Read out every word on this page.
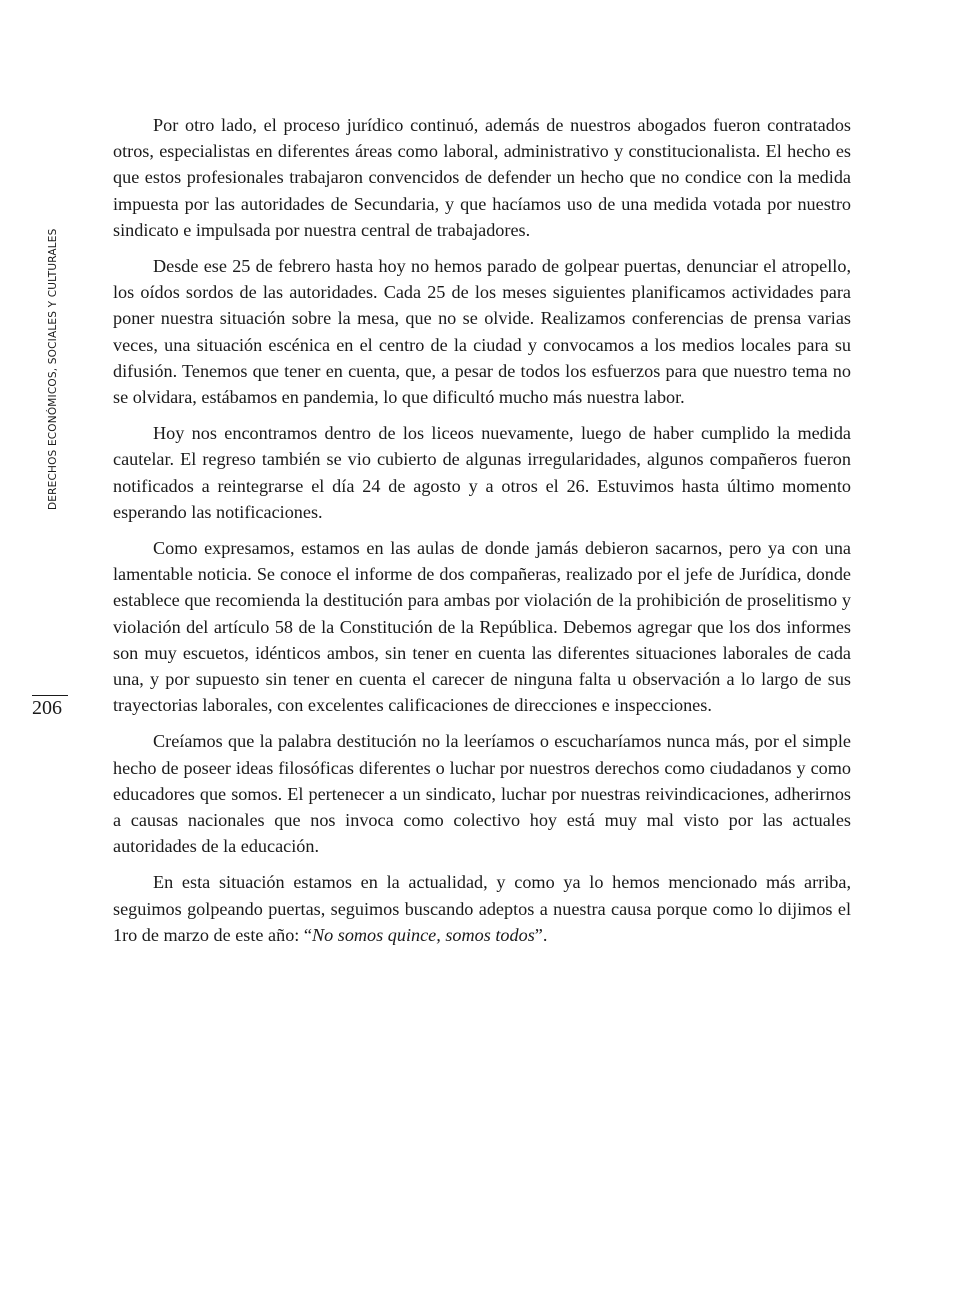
DERECHOS ECONÓMICOS, SOCIALES Y CULTURALES
206

Por otro lado, el proceso jurídico continuó, además de nuestros abogados fueron contratados otros, especialistas en diferentes áreas como laboral, administrativo y constitucionalista. El hecho es que estos profesionales trabajaron convencidos de defender un hecho que no condice con la medida impuesta por las autoridades de Secundaria, y que hacíamos uso de una medida votada por nuestro sindicato e impulsada por nuestra central de trabajadores.

Desde ese 25 de febrero hasta hoy no hemos parado de golpear puertas, denunciar el atropello, los oídos sordos de las autoridades. Cada 25 de los meses siguientes planificamos actividades para poner nuestra situación sobre la mesa, que no se olvide. Realizamos conferencias de prensa varias veces, una situación escénica en el centro de la ciudad y convocamos a los medios locales para su difusión. Tenemos que tener en cuenta, que, a pesar de todos los esfuerzos para que nuestro tema no se olvidara, estábamos en pandemia, lo que dificultó mucho más nuestra labor.

Hoy nos encontramos dentro de los liceos nuevamente, luego de haber cumplido la medida cautelar. El regreso también se vio cubierto de algunas irregularidades, algunos compañeros fueron notificados a reintegrarse el día 24 de agosto y a otros el 26. Estuvimos hasta último momento esperando las notificaciones.

Como expresamos, estamos en las aulas de donde jamás debieron sacarnos, pero ya con una lamentable noticia. Se conoce el informe de dos compañeras, realizado por el jefe de Jurídica, donde establece que recomienda la destitución para ambas por violación de la prohibición de proselitismo y violación del artículo 58 de la Constitución de la República. Debemos agregar que los dos informes son muy escuetos, idénticos ambos, sin tener en cuenta las diferentes situaciones laborales de cada una, y por supuesto sin tener en cuenta el carecer de ninguna falta u observación a lo largo de sus trayectorias laborales, con excelentes calificaciones de direcciones e inspecciones.

Creíamos que la palabra destitución no la leeríamos o escucharíamos nunca más, por el simple hecho de poseer ideas filosóficas diferentes o luchar por nuestros derechos como ciudadanos y como educadores que somos. El pertenecer a un sindicato, luchar por nuestras reivindicaciones, adherirnos a causas nacionales que nos invoca como colectivo hoy está muy mal visto por las actuales autoridades de la educación.

En esta situación estamos en la actualidad, y como ya lo hemos mencionado más arriba, seguimos golpeando puertas, seguimos buscando adeptos a nuestra causa porque como lo dijimos el 1ro de marzo de este año: “No somos quince, somos todos”.
